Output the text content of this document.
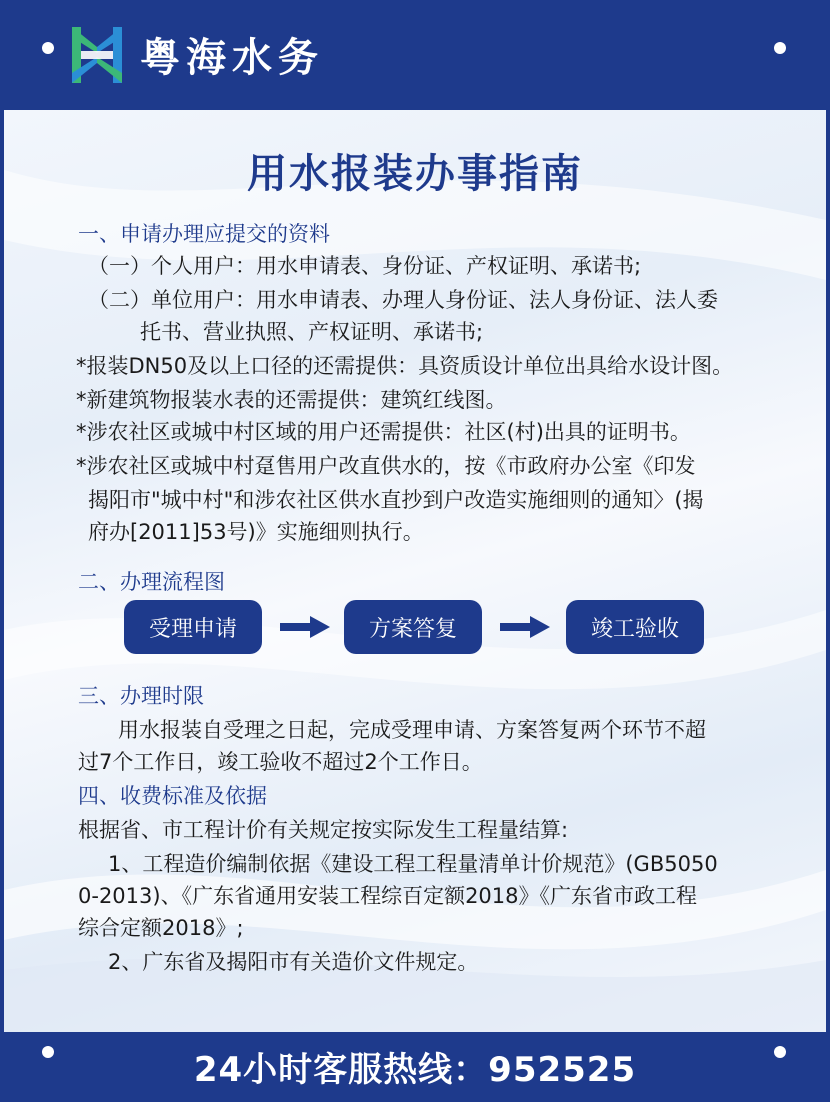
粤海水务
用水报装办事指南
一、申请办理应提交的资料
（一）个人用户：用水申请表、身份证、产权证明、承诺书;
（二）单位用户：用水申请表、办理人身份证、法人身份证、法人委
托书、营业执照、产权证明、承诺书;
*报装DN50及以上口径的还需提供：具资质设计单位出具给水设计图。
*新建筑物报装水表的还需提供：建筑红线图。
*涉农社区或城中村区域的用户还需提供：社区(村)出具的证明书。
*涉农社区或城中村趸售用户改直供水的，按《市政府办公室《印发
揭阳市"城中村"和涉农社区供水直抄到户改造实施细则的通知〉(揭
府办[2011]53号)》实施细则执行。
二、办理流程图
受理申请	方案答复	竣工验收
三、办理时限
用水报装自受理之日起，完成受理申请、方案答复两个环节不超
过7个工作日，竣工验收不超过2个工作日。
四、收费标准及依据
根据省、市工程计价有关规定按实际发生工程量结算:
1、工程造价编制依据《建设工程工程量清单计价规范》(GB5050
0-2013)、《广东省通用安装工程综百定额2018》《广东省市政工程
综合定额2018》;
2、广东省及揭阳市有关造价文件规定。
24小时客服热线：952525
